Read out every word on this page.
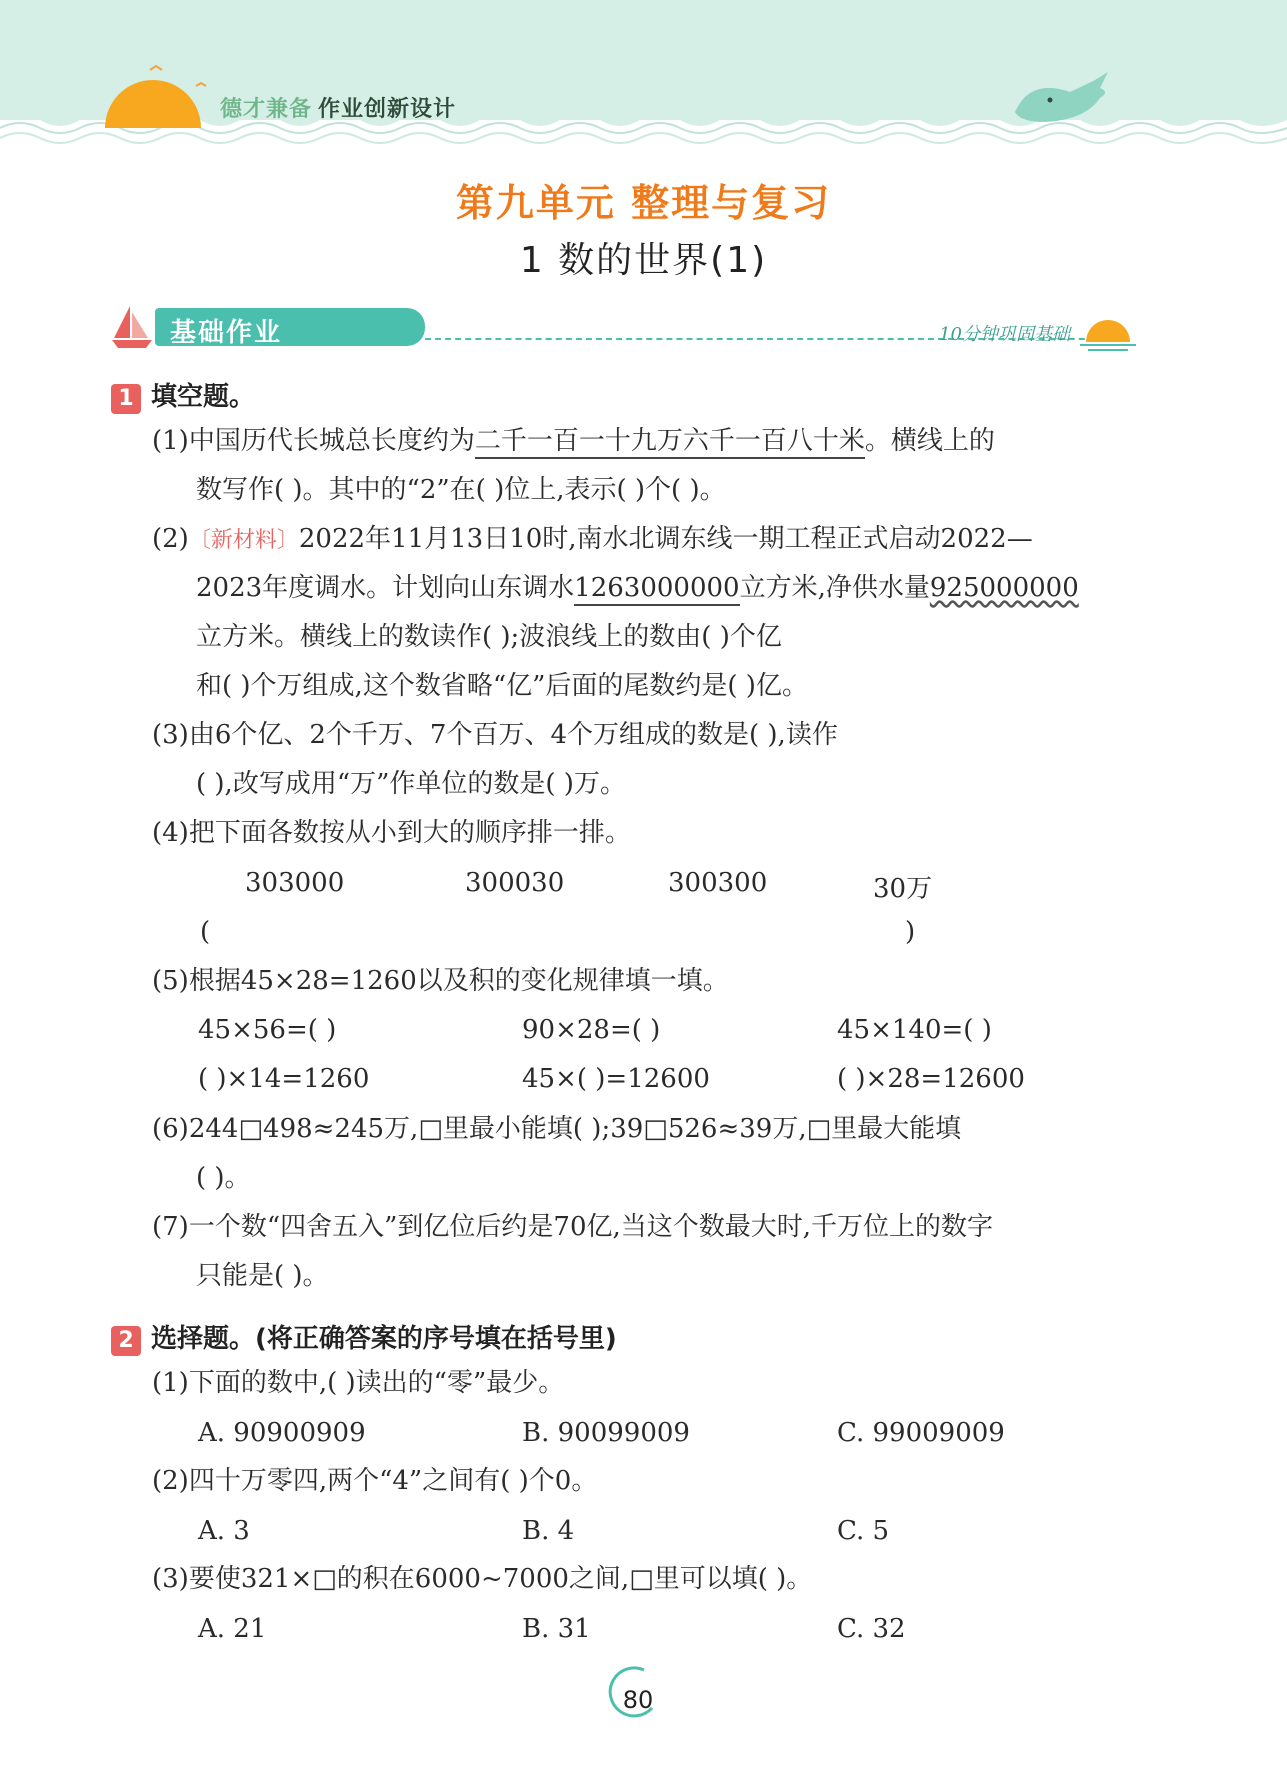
德才兼备 作业创新设计
第九单元 整理与复习
1 数的世界(1)
基础作业	10分钟巩固基础
1 填空题。
(1)中国历代长城总长度约为二千一百一十九万六千一百八十米。横线上的
数写作( )。其中的“2”在( )位上,表示( )个( )。
(2)〔新材料〕2022年11月13日10时,南水北调东线一期工程正式启动2022—
2023年度调水。计划向山东调水1263000000立方米,净供水量925000000
立方米。横线上的数读作( );波浪线上的数由( )个亿
和( )个万组成,这个数省略“亿”后面的尾数约是( )亿。
(3)由6个亿、2个千万、7个百万、4个万组成的数是( ),读作
( ),改写成用“万”作单位的数是( )万。
(4)把下面各数按从小到大的顺序排一排。
303000	300030	300300	30万
(	)
(5)根据45×28=1260以及积的变化规律填一填。
45×56=( )	90×28=( )	45×140=( )
( )×14=1260	45×( )=12600	( )×28=12600
(6)244□498≈245万,□里最小能填( );39□526≈39万,□里最大能填
( )。
(7)一个数“四舍五入”到亿位后约是70亿,当这个数最大时,千万位上的数字
只能是( )。
2 选择题。(将正确答案的序号填在括号里)
(1)下面的数中,( )读出的“零”最少。
A. 90900909	B. 90099009	C. 99009009
(2)四十万零四,两个“4”之间有( )个0。
A. 3	B. 4	C. 5
(3)要使321×□的积在6000~7000之间,□里可以填( )。
A. 21	B. 31	C. 32
80
